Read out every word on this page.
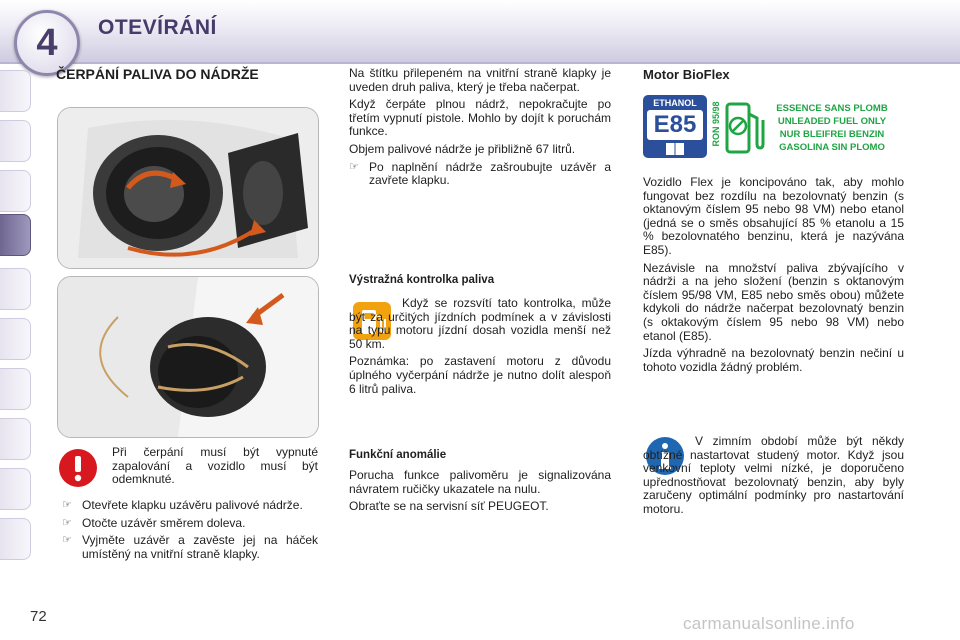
4	OTEVÍRÁNÍ
ČERPÁNÍ PALIVA DO NÁDRŽE
Při čerpání musí být vypnuté zapalování a vozidlo musí být odemknuté.

☞ Otevřete klapku uzávěru palivové nádrže.

☞ Otočte uzávěr směrem doleva.

☞ Vyjměte uzávěr a zavěste jej na háček umístěný na vnitřní straně klapky.

Na štítku přilepeném na vnitřní straně klapky je uveden druh paliva, který je třeba načerpat.

Když čerpáte plnou nádrž, nepokračujte po třetím vypnutí pistole. Mohlo by dojít k poruchám funkce.

Objem palivové nádrže je přibližně 67 litrů.

☞ Po naplnění nádrže zašroubujte uzávěr a zavřete klapku.

Výstražná kontrolka paliva

Když se rozsvítí tato kontrolka, může být za určitých jízdních podmínek a v závislosti na typu motoru jízdní dosah vozidla menší než 50 km.

Poznámka: po zastavení motoru z důvodu úplného vyčerpání nádrže je nutno dolít alespoň 6 litrů paliva.

Funkční anomálie

Porucha funkce palivoměru je signalizována návratem ručičky ukazatele na nulu.

Obraťte se na servisní síť PEUGEOT.

Motor BioFlex
ETHANOL
E85	RON 95/98	ESSENCE SANS PLOMB
UNLEADED FUEL ONLY
NUR BLEIFREI BENZIN
GASOLINA SIN PLOMO

Vozidlo Flex je koncipováno tak, aby mohlo fungovat bez rozdílu na bezolovnatý benzin (s oktanovým číslem 95 nebo 98 VM) nebo etanol (jedná se o směs obsahující 85 % etanolu a 15 % bezolovnatého benzinu, která je nazývána E85).

Nezávisle na množství paliva zbývajícího v nádrži a na jeho složení (benzin s oktanovým číslem 95/98 VM, E85 nebo směs obou) můžete kdykoli do nádrže načerpat bezolovnatý benzin (s oktakovým číslem 95 nebo 98 VM) nebo etanol (E85).

Jízda výhradně na bezolovnatý benzin nečiní u tohoto vozidla žádný problém.

V zimním období může být někdy obtížné nastartovat studený motor. Když jsou venkovní teploty velmi nízké, je doporučeno upřednostňovat bezolovnatý benzin, aby byly zaručeny optimální podmínky pro nastartování motoru.

72	carmanualsonline.info
